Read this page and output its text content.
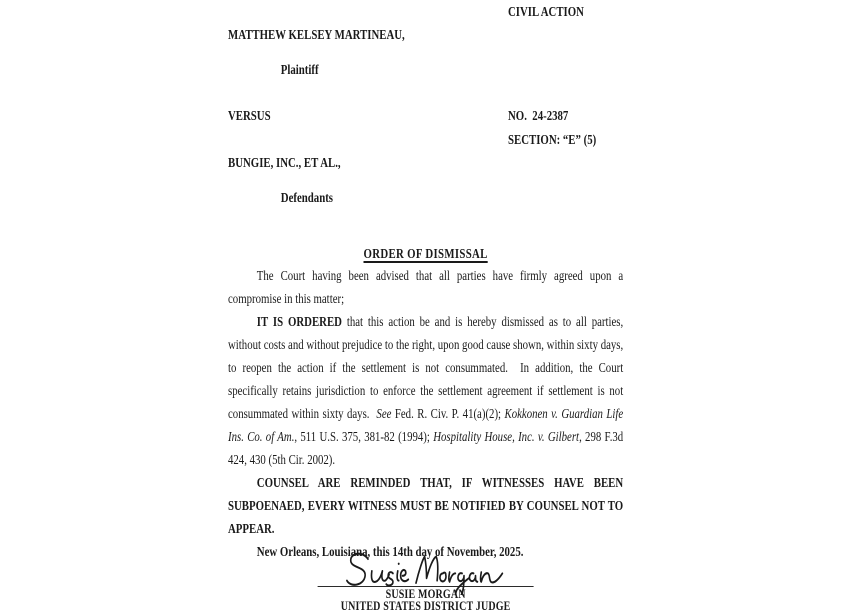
MATTHEW KELSEY MARTINEAU,

Plaintiff

CIVIL ACTION
VERSUS	NO.  24-2387

BUNGIE, INC., ET AL.,

Defendants

SECTION: “E” (5)
ORDER OF DISMISSAL

The Court having been advised that all parties have firmly agreed upon a compromise in this matter;

IT IS ORDERED that this action be and is hereby dismissed as to all parties, without costs and without prejudice to the right, upon good cause shown, within sixty days, to reopen the action if the settlement is not consummated.  In addition, the Court specifically retains jurisdiction to enforce the settlement agreement if settlement is not consummated within sixty days.  See Fed. R. Civ. P. 41(a)(2); Kokkonen v. Guardian Life Ins. Co. of Am., 511 U.S. 375, 381-82 (1994); Hospitality House, Inc. v. Gilbert, 298 F.3d 424, 430 (5th Cir. 2002).

COUNSEL ARE REMINDED THAT, IF WITNESSES HAVE BEEN SUBPOENAED, EVERY WITNESS MUST BE NOTIFIED BY COUNSEL NOT TO APPEAR.

New Orleans, Louisiana, this 14th day of November, 2025.

SUSIE MORGAN
UNITED STATES DISTRICT JUDGE
